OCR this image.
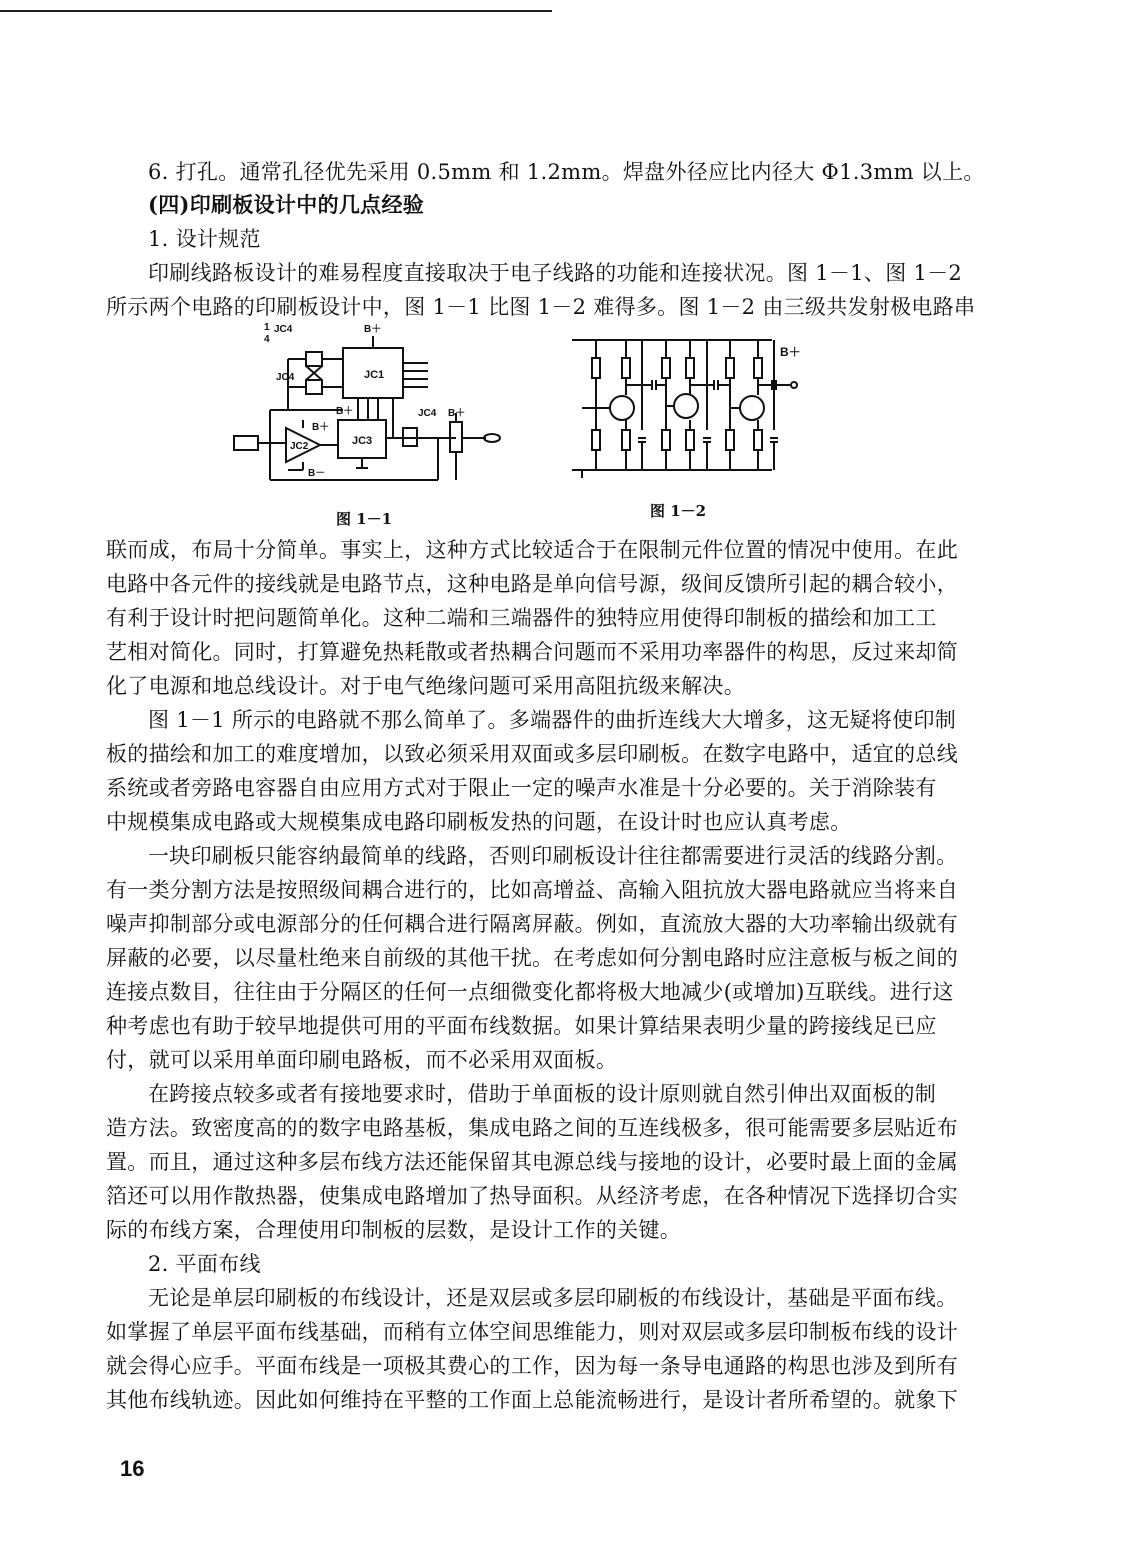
6. 打孔。通常孔径优先采用 0.5mm 和 1.2mm。焊盘外径应比内径大 Φ1.3mm 以上。
(四)印刷板设计中的几点经验
1. 设计规范
印刷线路板设计的难易程度直接取决于电子线路的功能和连接状况。图 1－1、图 1－2
所示两个电路的印刷板设计中，图 1－1 比图 1－2 难得多。图 1－2 由三级共发射极电路串
JC4
JC4
JC4
JC1
JC2	JC3
B＋
B＋
B＋
B＋
B－
1
4
图 1－1
B＋
图 1－2
联而成，布局十分简单。事实上，这种方式比较适合于在限制元件位置的情况中使用。在此
电路中各元件的接线就是电路节点，这种电路是单向信号源，级间反馈所引起的耦合较小，
有利于设计时把问题简单化。这种二端和三端器件的独特应用使得印制板的描绘和加工工
艺相对简化。同时，打算避免热耗散或者热耦合问题而不采用功率器件的构思，反过来却简
化了电源和地总线设计。对于电气绝缘问题可采用高阻抗级来解决。
图 1－1 所示的电路就不那么简单了。多端器件的曲折连线大大增多，这无疑将使印制
板的描绘和加工的难度增加，以致必须采用双面或多层印刷板。在数字电路中，适宜的总线
系统或者旁路电容器自由应用方式对于限止一定的噪声水准是十分必要的。关于消除装有
中规模集成电路或大规模集成电路印刷板发热的问题，在设计时也应认真考虑。
一块印刷板只能容纳最简单的线路，否则印刷板设计往往都需要进行灵活的线路分割。
有一类分割方法是按照级间耦合进行的，比如高增益、高输入阻抗放大器电路就应当将来自
噪声抑制部分或电源部分的任何耦合进行隔离屏蔽。例如，直流放大器的大功率输出级就有
屏蔽的必要，以尽量杜绝来自前级的其他干扰。在考虑如何分割电路时应注意板与板之间的
连接点数目，往往由于分隔区的任何一点细微变化都将极大地减少(或增加)互联线。进行这
种考虑也有助于较早地提供可用的平面布线数据。如果计算结果表明少量的跨接线足已应
付，就可以采用单面印刷电路板，而不必采用双面板。
在跨接点较多或者有接地要求时，借助于单面板的设计原则就自然引伸出双面板的制
造方法。致密度高的的数字电路基板，集成电路之间的互连线极多，很可能需要多层贴近布
置。而且，通过这种多层布线方法还能保留其电源总线与接地的设计，必要时最上面的金属
箔还可以用作散热器，使集成电路增加了热导面积。从经济考虑，在各种情况下选择切合实
际的布线方案，合理使用印制板的层数，是设计工作的关键。
2. 平面布线
无论是单层印刷板的布线设计，还是双层或多层印刷板的布线设计，基础是平面布线。
如掌握了单层平面布线基础，而稍有立体空间思维能力，则对双层或多层印制板布线的设计
就会得心应手。平面布线是一项极其费心的工作，因为每一条导电通路的构思也涉及到所有
其他布线轨迹。因此如何维持在平整的工作面上总能流畅进行，是设计者所希望的。就象下
16
